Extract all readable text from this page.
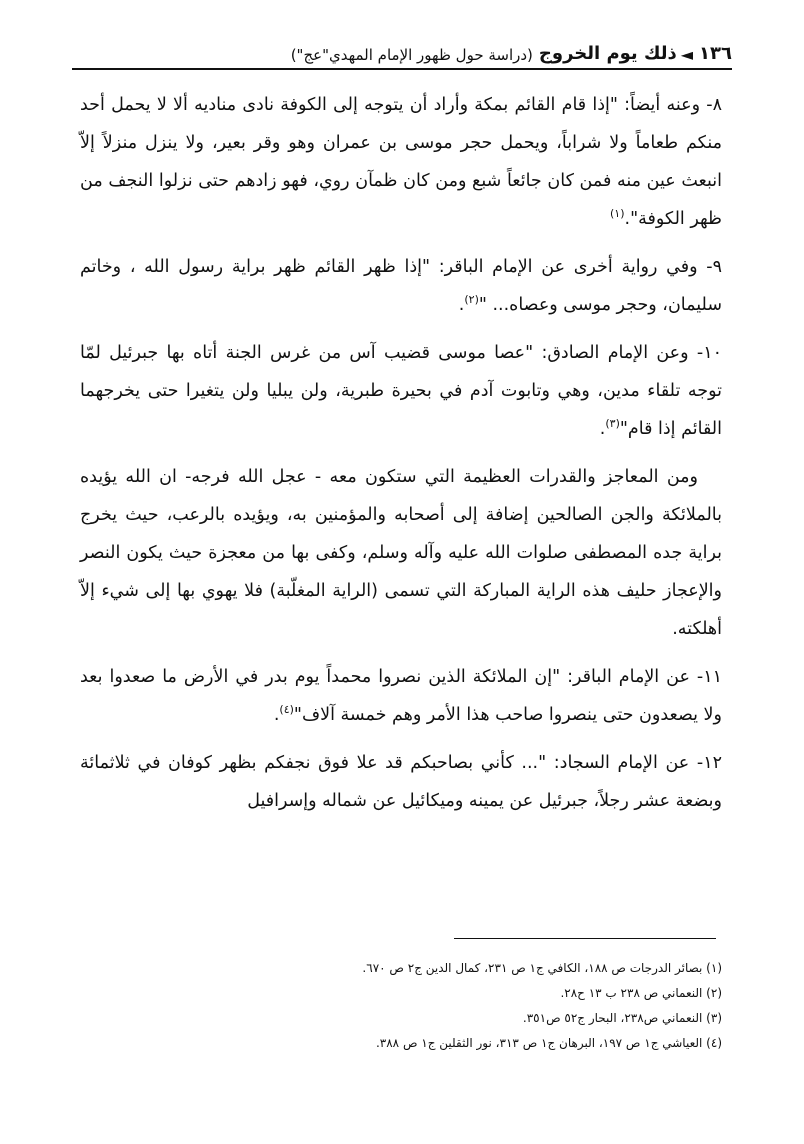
١٣٦
◄
ذلك يوم الخروج
(دراسة حول ظهور الإمام المهدي"عج")

٨- وعنه أيضاً: "إذا قام القائم بمكة وأراد أن يتوجه إلى الكوفة نادى مناديه ألا لا يحمل أحد منكم طعاماً ولا شراباً، ويحمل حجر موسى بن عمران وهو وقر بعير، ولا ينزل منزلاً إلاّ انبعث عين منه فمن كان جائعاً شبع ومن كان ظمآن روي، فهو زادهم حتى نزلوا النجف من ظهر الكوفة".$^{(١)}$

٩- وفي رواية أخرى عن الإمام الباقر: "إذا ظهر القائم ظهر براية رسول الله ، وخاتم سليمان، وحجر موسى وعصاه... "$^{(٢)}$.

١٠- وعن الإمام الصادق: "عصا موسى قضيب آس من غرس الجنة أتاه بها جبرئيل لمّا توجه تلقاء مدين، وهي وتابوت آدم في بحيرة طبرية، ولن يبليا ولن يتغيرا حتى يخرجهما القائم إذا قام"$^{(٣)}$.

ومن المعاجز والقدرات العظيمة التي ستكون معه - عجل الله فرجه- ان الله يؤيده بالملائكة والجن الصالحين إضافة إلى أصحابه والمؤمنين به، ويؤيده بالرعب، حيث يخرج براية جده المصطفى صلوات الله عليه وآله وسلم، وكفى بها من معجزة حيث يكون النصر والإعجاز حليف هذه الراية المباركة التي تسمى (الراية المغلّبة) فلا يهوي بها إلى شيء إلاّ أهلكته.

١١- عن الإمام الباقر: "إن الملائكة الذين نصروا محمداً يوم بدر في الأرض ما صعدوا بعد ولا يصعدون حتى ينصروا صاحب هذا الأمر وهم خمسة آلاف"$^{(٤)}$.

١٢- عن الإمام السجاد: "... كأني بصاحبكم قد علا فوق نجفكم بظهر كوفان في ثلاثمائة وبضعة عشر رجلاً، جبرئيل عن يمينه وميكائيل عن شماله وإسرافيل

(١) بصائر الدرجات ص ١٨٨، الكافي ج١ ص ٢٣١، كمال الدين ج٢ ص ٦٧٠.

(٢) النعماني ص ٢٣٨ ب ١٣ ح٢٨.

(٣) النعماني ص٢٣٨، البحار ج٥٢ ص٣٥١.

(٤) العياشي ج١ ص ١٩٧، البرهان ج١ ص ٣١٣، نور الثقلين ج١ ص ٣٨٨.
